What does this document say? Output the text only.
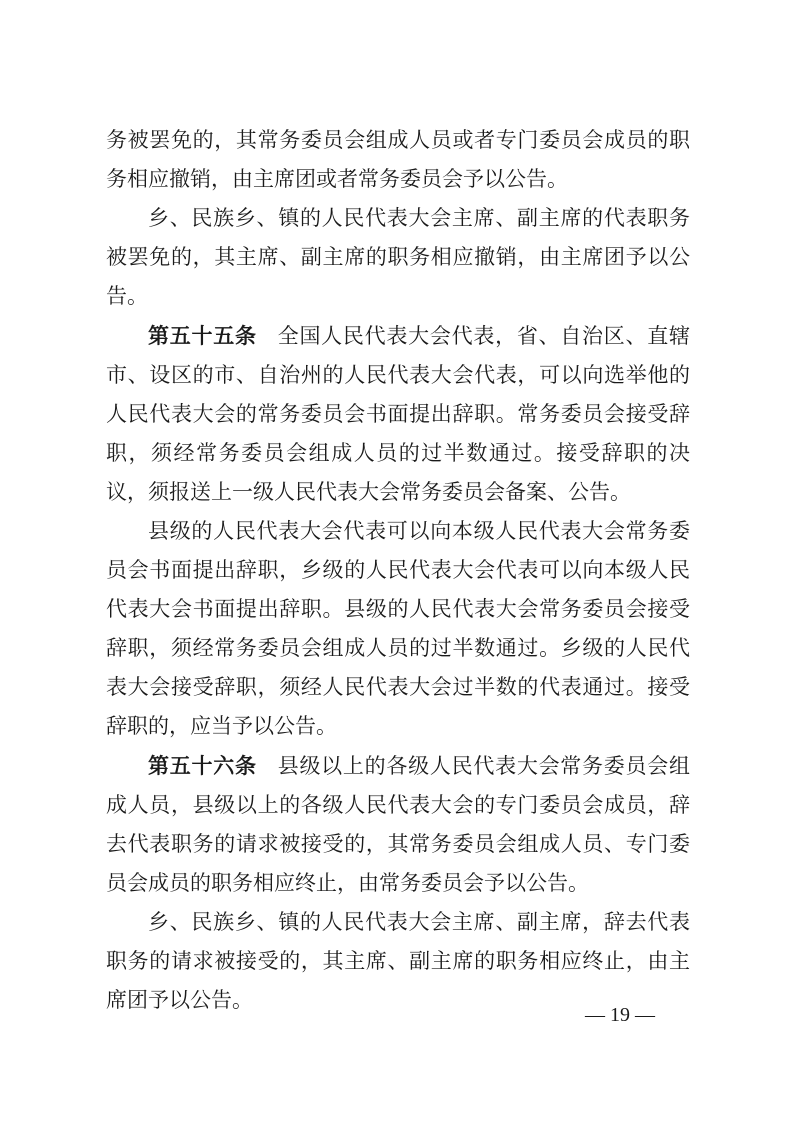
务被罢免的，其常务委员会组成人员或者专门委员会成员的职务相应撤销，由主席团或者常务委员会予以公告。

乡、民族乡、镇的人民代表大会主席、副主席的代表职务被罢免的，其主席、副主席的职务相应撤销，由主席团予以公告。

第五十五条 全国人民代表大会代表，省、自治区、直辖市、设区的市、自治州的人民代表大会代表，可以向选举他的人民代表大会的常务委员会书面提出辞职。常务委员会接受辞职，须经常务委员会组成人员的过半数通过。接受辞职的决议，须报送上一级人民代表大会常务委员会备案、公告。

县级的人民代表大会代表可以向本级人民代表大会常务委员会书面提出辞职，乡级的人民代表大会代表可以向本级人民代表大会书面提出辞职。县级的人民代表大会常务委员会接受辞职，须经常务委员会组成人员的过半数通过。乡级的人民代表大会接受辞职，须经人民代表大会过半数的代表通过。接受辞职的，应当予以公告。

第五十六条 县级以上的各级人民代表大会常务委员会组成人员，县级以上的各级人民代表大会的专门委员会成员，辞去代表职务的请求被接受的，其常务委员会组成人员、专门委员会成员的职务相应终止，由常务委员会予以公告。

乡、民族乡、镇的人民代表大会主席、副主席，辞去代表职务的请求被接受的，其主席、副主席的职务相应终止，由主席团予以公告。

— 19 —
